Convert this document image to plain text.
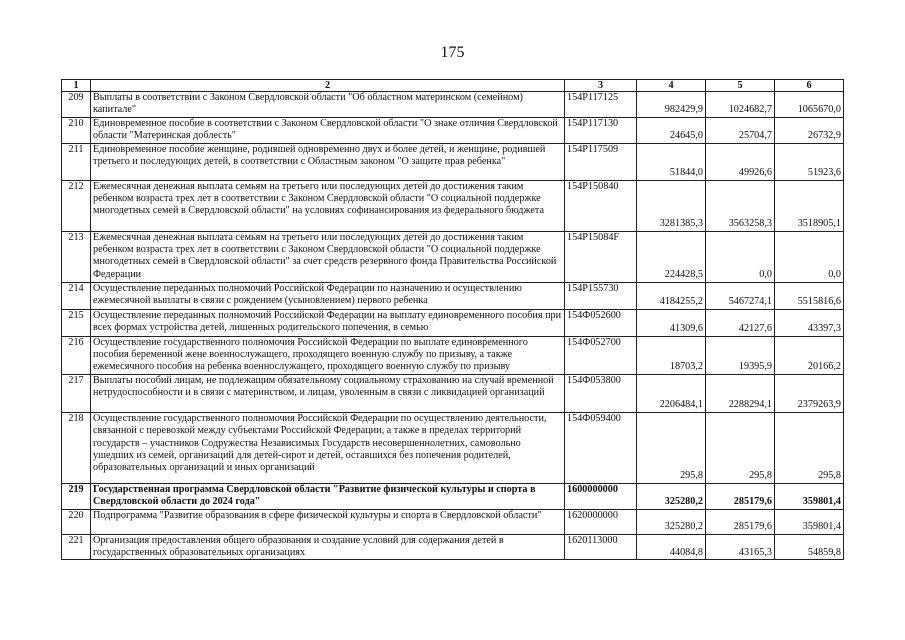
175
1	2	3	4	5	6
209	Выплаты в соответствии с Законом Свердловской области "Об областном материнском (семейном) капитале"	154P117125	982429,9	1024682,7	1065670,0
210	Единовременное пособие в соответствии с Законом Свердловской области "О знаке отличия Свердловской области "Материнская доблесть"	154P117130	24645,0	25704,7	26732,9
211	Единовременное пособие женщине, родившей одновременно двух и более детей, и женщине, родившей третьего и последующих детей, в соответствии с Областным законом "О защите прав ребенка"	154P117509	51844,0	49926,6	51923,6
212	Ежемесячная денежная выплата семьям на третьего или последующих детей до достижения таким ребенком возраста трех лет в соответствии с Законом Свердловской области "О социальной поддержке многодетных семей в Свердловской области" на условиях софинансирования из федерального бюджета	154P150840	3281385,3	3563258,3	3518905,1
213	Ежемесячная денежная выплата семьям на третьего или последующих детей до достижения таким ребенком возраста трех лет в соответствии с Законом Свердловской области "О социальной поддержке многодетных семей в Свердловской области" за счет средств резервного фонда Правительства Российской Федерации	154P15084F	224428,5	0,0	0,0
214	Осуществление переданных полномочий Российской Федерации по назначению и осуществлению ежемесячной выплаты в связи с рождением (усыновлением) первого ребенка	154P155730	4184255,2	5467274,1	5515816,6
215	Осуществление переданных полномочий Российской Федерации на выплату единовременного пособия при всех формах устройства детей, лишенных родительского попечения, в семью	154Ф052600	41309,6	42127,6	43397,3
216	Осуществление государственного полномочия Российской Федерации по выплате единовременного пособия беременной жене военнослужащего, проходящего военную службу по призыву, а также ежемесячного пособия на ребенка военнослужащего, проходящего военную службу по призыву	154Ф052700	18703,2	19395,9	20166,2
217	Выплаты пособий лицам, не подлежащим обязательному социальному страхованию на случай временной нетрудоспособности и в связи с материнством, и лицам, уволенным в связи с ликвидацией организаций	154Ф053800	2206484,1	2288294,1	2379263,9
218	Осуществление государственного полномочия Российской Федерации по осуществлению деятельности, связанной с перевозкой между субъектами Российской Федерации, а также в пределах территорий государств – участников Содружества Независимых Государств несовершеннолетних, самовольно ушедших из семей, организаций для детей-сирот и детей, оставшихся без попечения родителей, образовательных организаций и иных организаций	154Ф059400	295,8	295,8	295,8
219	Государственная программа Свердловской области "Развитие физической культуры и спорта в Свердловской области до 2024 года"	1600000000	325280,2	285179,6	359801,4
220	Подпрограмма "Развитие образования в сфере физической культуры и спорта в Свердловской области"	1620000000	325280,2	285179,6	359801,4
221	Организация предоставления общего образования и создание условий для содержания детей в государственных образовательных организациях	1620113000	44084,8	43165,3	54859,8
